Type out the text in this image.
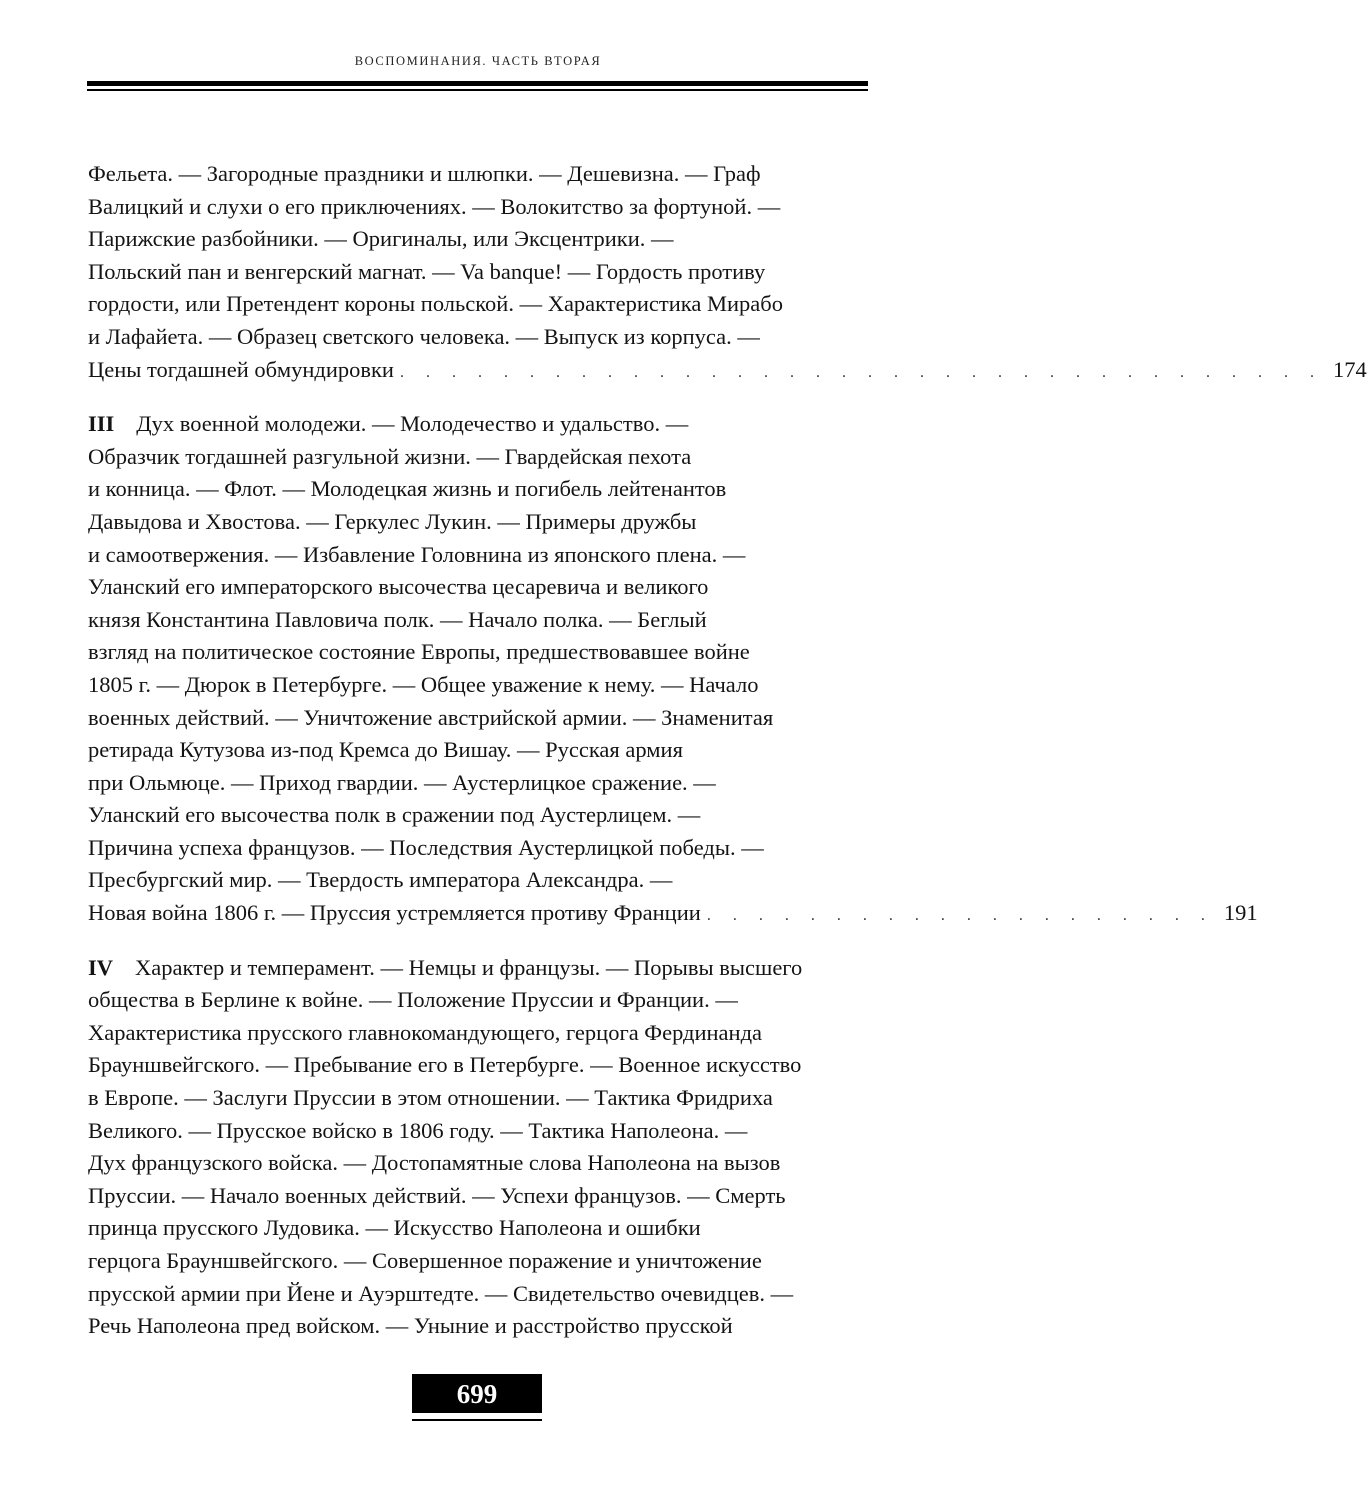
ВОСПОМИНАНИЯ. ЧАСТЬ ВТОРАЯ
Фельета. — Загородные праздники и шлюпки. — Дешевизна. — Граф
Валицкий и слухи о его приключениях. — Волокитство за фортуной. —
Парижские разбойники. — Оригиналы, или Эксцентрики. —
Польский пан и венгерский магнат. — Va banque! — Гордость противу
гордости, или Претендент короны польской. — Характеристика Мирабо
и Лафайета. — Образец светского человека. — Выпуск из корпуса. —
Цены тогдашней обмундировки . . . . . . . . . . . . . . . . . . . . . . . . . . . . . . . . . . . . 174
III Дух военной молодежи. — Молодечество и удальство. —
Образчик тогдашней разгульной жизни. — Гвардейская пехота
и конница. — Флот. — Молодецкая жизнь и погибель лейтенантов
Давыдова и Хвостова. — Геркулес Лукин. — Примеры дружбы
и самоотвержения. — Избавление Головнина из японского плена. —
Уланский его императорского высочества цесаревича и великого
князя Константина Павловича полк. — Начало полка. — Беглый
взгляд на политическое состояние Европы, предшествовавшее войне
1805 г. — Дюрок в Петербурге. — Общее уважение к нему. — Начало
военных действий. — Уничтожение австрийской армии. — Знаменитая
ретирада Кутузова из-под Кремса до Вишау. — Русская армия
при Ольмюце. — Приход гвардии. — Аустерлицкое сражение. —
Уланский его высочества полк в сражении под Аустерлицем. —
Причина успеха французов. — Последствия Аустерлицкой победы. —
Пресбургский мир. — Твердость императора Александра. —
Новая война 1806 г. — Пруссия устремляется противу Франции . . . . . . . . . . . . . . . . . . . . 191
IV Характер и темперамент. — Немцы и французы. — Порывы высшего
общества в Берлине к войне. — Положение Пруссии и Франции. —
Характеристика прусского главнокомандующего, герцога Фердинанда
Брауншвейгского. — Пребывание его в Петербурге. — Военное искусство
в Европе. — Заслуги Пруссии в этом отношении. — Тактика Фридриха
Великого. — Прусское войско в 1806 году. — Тактика Наполеона. —
Дух французского войска. — Достопамятные слова Наполеона на вызов
Пруссии. — Начало военных действий. — Успехи французов. — Смерть
принца прусского Лудовика. — Искусство Наполеона и ошибки
герцога Брауншвейгского. — Совершенное поражение и уничтожение
прусской армии при Йене и Ауэрштедте. — Свидетельство очевидцев. —
Речь Наполеона пред войском. — Уныние и расстройство прусской
699
